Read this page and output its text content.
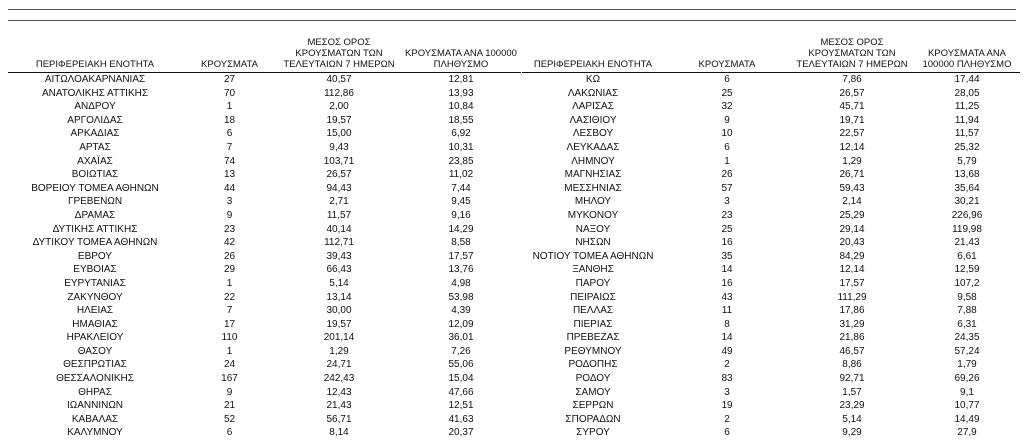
ΠΕΡΙΦΕΡΕΙΑΚΗ ΕΝΟΤΗΤΑ	ΚΡΟΥΣΜΑΤΑ	ΜΕΣΟΣ ΟΡΟΣ ΚΡΟΥΣΜΑΤΩΝ ΤΩΝ ΤΕΛΕΥΤΑΙΩΝ 7 ΗΜΕΡΩΝ	ΚΡΟΥΣΜΑΤΑ ΑΝΑ 100000 ΠΛΗΘΥΣΜΟ
ΑΙΤΩΛΟΑΚΑΡΝΑΝΙΑΣ	27	40,57	12,81
ΑΝΑΤΟΛΙΚΗΣ ΑΤΤΙΚΗΣ	70	112,86	13,93
ΑΝΔΡΟΥ	1	2,00	10,84
ΑΡΓΟΛΙΔΑΣ	18	19,57	18,55
ΑΡΚΑΔΙΑΣ	6	15,00	6,92
ΑΡΤΑΣ	7	9,43	10,31
ΑΧΑΪΑΣ	74	103,71	23,85
ΒΟΙΩΤΙΑΣ	13	26,57	11,02
ΒΟΡΕΙΟΥ ΤΟΜΕΑ ΑΘΗΝΩΝ	44	94,43	7,44
ΓΡΕΒΕΝΩΝ	3	2,71	9,45
ΔΡΑΜΑΣ	9	11,57	9,16
ΔΥΤΙΚΗΣ ΑΤΤΙΚΗΣ	23	40,14	14,29
ΔΥΤΙΚΟΥ ΤΟΜΕΑ ΑΘΗΝΩΝ	42	112,71	8,58
ΕΒΡΟΥ	26	39,43	17,57
ΕΥΒΟΙΑΣ	29	66,43	13,76
ΕΥΡΥΤΑΝΙΑΣ	1	5,14	4,98
ΖΑΚΥΝΘΟΥ	22	13,14	53,98
ΗΛΕΙΑΣ	7	30,00	4,39
ΗΜΑΘΙΑΣ	17	19,57	12,09
ΗΡΑΚΛΕΙΟΥ	110	201,14	36,01
ΘΑΣΟΥ	1	1,29	7,26
ΘΕΣΠΡΩΤΙΑΣ	24	24,71	55,06
ΘΕΣΣΑΛΟΝΙΚΗΣ	167	242,43	15,04
ΘΗΡΑΣ	9	12,43	47,66
ΙΩΑΝΝΙΝΩΝ	21	21,43	12,51
ΚΑΒΑΛΑΣ	52	56,71	41,63
ΚΑΛΥΜΝΟΥ	6	8,14	20,37
ΠΕΡΙΦΕΡΕΙΑΚΗ ΕΝΟΤΗΤΑ	ΚΡΟΥΣΜΑΤΑ	ΜΕΣΟΣ ΟΡΟΣ ΚΡΟΥΣΜΑΤΩΝ ΤΩΝ ΤΕΛΕΥΤΑΙΩΝ 7 ΗΜΕΡΩΝ	ΚΡΟΥΣΜΑΤΑ ΑΝΑ 100000 ΠΛΗΘΥΣΜΟ
ΚΩ	6	7,86	17,44
ΛΑΚΩΝΙΑΣ	25	26,57	28,05
ΛΑΡΙΣΑΣ	32	45,71	11,25
ΛΑΣΙΘΙΟΥ	9	19,71	11,94
ΛΕΣΒΟΥ	10	22,57	11,57
ΛΕΥΚΑΔΑΣ	6	12,14	25,32
ΛΗΜΝΟΥ	1	1,29	5,79
ΜΑΓΝΗΣΙΑΣ	26	26,71	13,68
ΜΕΣΣΗΝΙΑΣ	57	59,43	35,64
ΜΗΛΟΥ	3	2,14	30,21
ΜΥΚΟΝΟΥ	23	25,29	226,96
ΝΑΞΟΥ	25	29,14	119,98
ΝΗΣΩΝ	16	20,43	21,43
ΝΟΤΙΟΥ ΤΟΜΕΑ ΑΘΗΝΩΝ	35	84,29	6,61
ΞΑΝΘΗΣ	14	12,14	12,59
ΠΑΡΟΥ	16	17,57	107,2
ΠΕΙΡΑΙΩΣ	43	111,29	9,58
ΠΕΛΛΑΣ	11	17,86	7,88
ΠΙΕΡΙΑΣ	8	31,29	6,31
ΠΡΕΒΕΖΑΣ	14	21,86	24,35
ΡΕΘΥΜΝΟΥ	49	46,57	57,24
ΡΟΔΟΠΗΣ	2	8,86	1,79
ΡΟΔΟΥ	83	92,71	69,26
ΣΑΜΟΥ	3	1,57	9,1
ΣΕΡΡΩΝ	19	23,29	10,77
ΣΠΟΡΑΔΩΝ	2	5,14	14,49
ΣΥΡΟΥ	6	9,29	27,9
